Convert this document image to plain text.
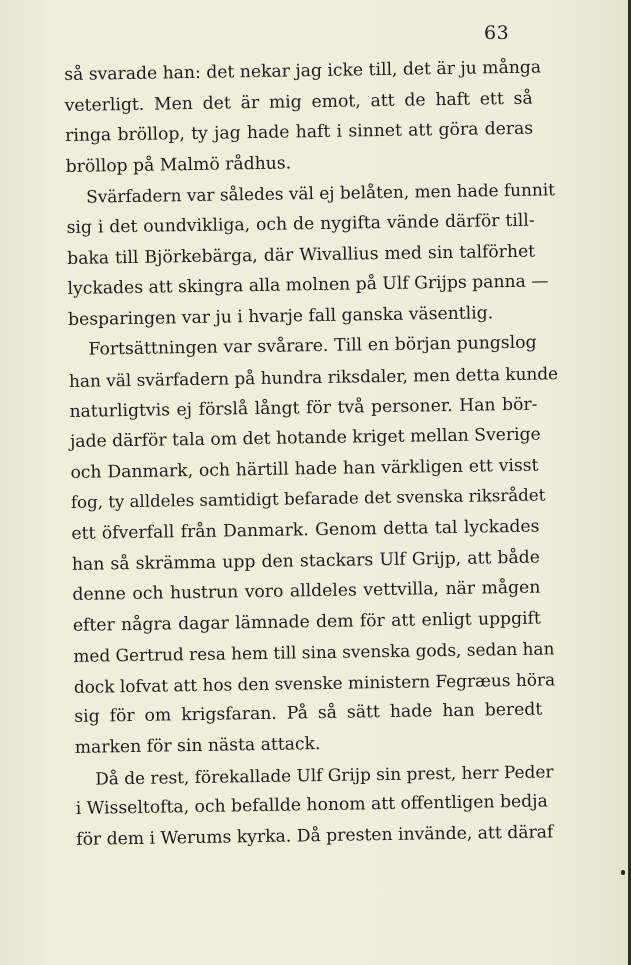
63
så svarade han: det nekar jag icke till, det är ju många
veterligt. Men det är mig emot, att de haft ett så
ringa bröllop, ty jag hade haft i sinnet att göra deras
bröllop på Malmö rådhus.
Svärfadern var således väl ej belåten, men hade funnit
sig i det oundvikliga, och de nygifta vände därför till-
baka till Björkebärga, där Wivallius med sin talförhet
lyckades att skingra alla molnen på Ulf Grijps panna —
besparingen var ju i hvarje fall ganska väsentlig.
Fortsättningen var svårare. Till en början pungslog
han väl svärfadern på hundra riksdaler, men detta kunde
naturligtvis ej förslå långt för två personer. Han bör-
jade därför tala om det hotande kriget mellan Sverige
och Danmark, och härtill hade han värkligen ett visst
fog, ty alldeles samtidigt befarade det svenska riksrådet
ett öfverfall från Danmark. Genom detta tal lyckades
han så skrämma upp den stackars Ulf Grijp, att både
denne och hustrun voro alldeles vettvilla, när mågen
efter några dagar lämnade dem för att enligt uppgift
med Gertrud resa hem till sina svenska gods, sedan han
dock lofvat att hos den svenske ministern Fegræus höra
sig för om krigsfaran. På så sätt hade han beredt
marken för sin nästa attack.
Då de rest, förekallade Ulf Grijp sin prest, herr Peder
i Wisseltofta, och befallde honom att offentligen bedja
för dem i Werums kyrka. Då presten invände, att däraf
